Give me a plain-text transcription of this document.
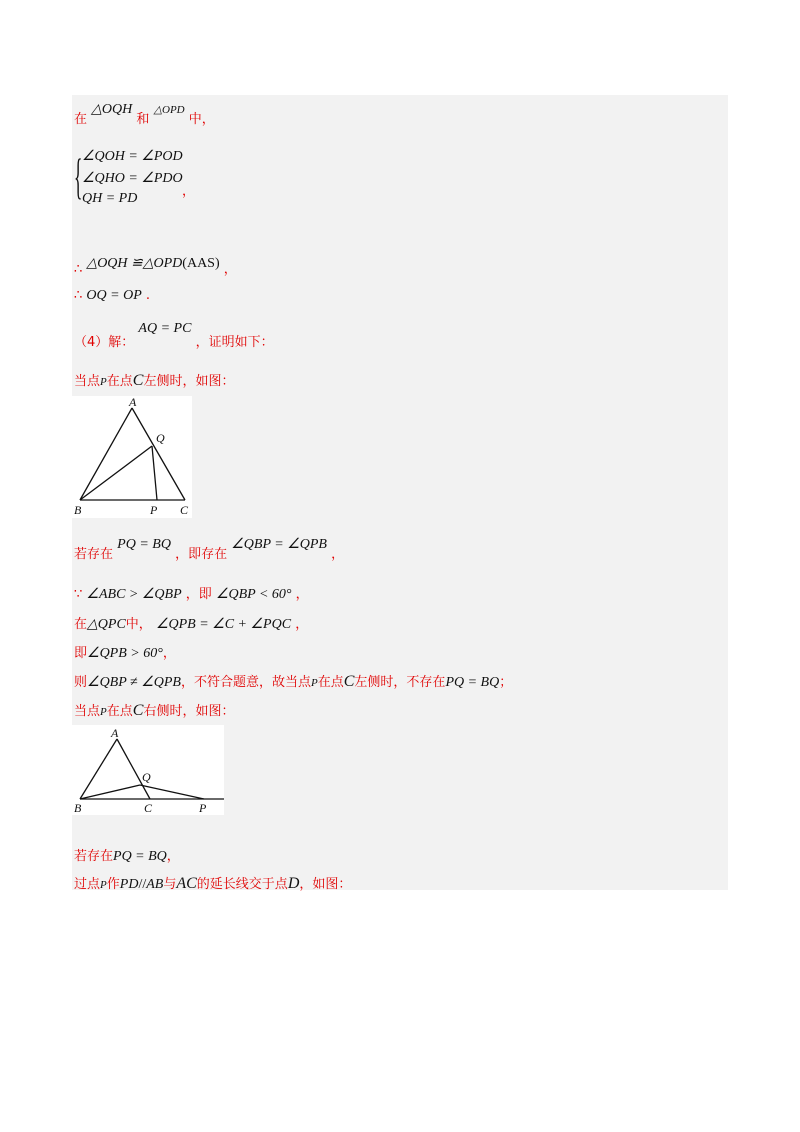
在 △OQH 和 $^{\triangle OPD}$ 中，
{ ∠QOH = ∠POD
∠QHO = ∠PDO
QH = PD	，
∴ △OQH ≌△OPD(AAS) ，
∴ OQ = OP .
（4）解： AQ = PC ，证明如下：
当点P在点C左侧时，如图：
A
Q
B	P C
若存在 PQ = BQ ，即存在 ∠QBP = ∠QPB ，
∵ ∠ABC > ∠QBP ，即 ∠QBP < 60° ，
在△QPC中， ∠QPB = ∠C + ∠PQC ，
即∠QPB > 60°，
则∠QBP ≠ ∠QPB，不符合题意，故当点P在点C左侧时，不存在PQ = BQ；
当点P在点C右侧时，如图：
A
Q
B	C	P
若存在PQ = BQ，
过点P作PD//AB与AC的延长线交于点D，如图：
